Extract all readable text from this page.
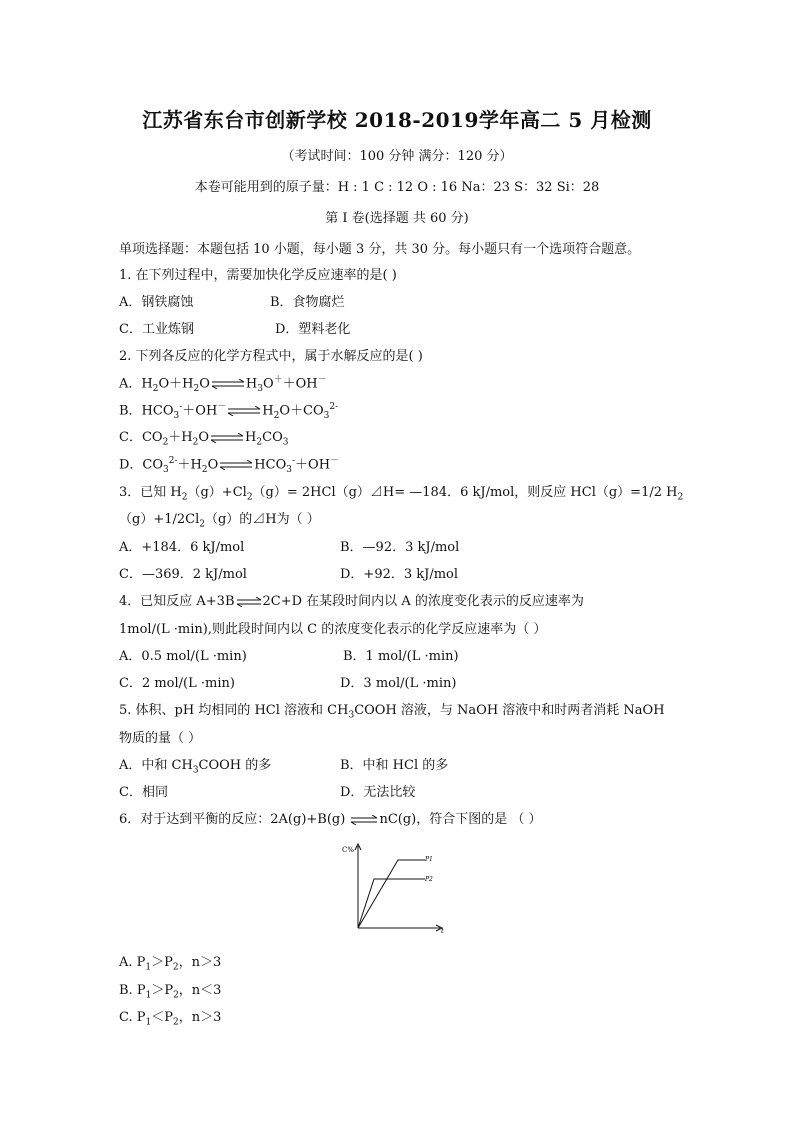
江苏省东台市创新学校 2018-2019学年高二 5 月检测
（考试时间：100 分钟 满分：120 分）
本卷可能用到的原子量：H : 1 C : 12 O : 16 Na：23 S：32 Si：28
第 I 卷(选择题 共 60 分)
单项选择题：本题包括 10 小题，每小题 3 分，共 30 分。每小题只有一个选项符合题意。
1. 在下列过程中，需要加快化学反应速率的是( )
A．钢铁腐蚀	B．食物腐烂
C．工业炼钢	D．塑料老化
2. 下列各反应的化学方程式中，属于水解反应的是( )
A．$H_2O+H_2O\rightleftharpoons H_3O^++OH^-$
B．$HCO_3^-+OH^-\rightleftharpoons H_2O+CO_3^{2-}$
C．$CO_2+H_2O\rightleftharpoons H_2CO_3$
D．$CO_3^{2-}+H_2O\rightleftharpoons HCO_3^-+OH^-$
3．已知 $H_2(g)+Cl_2(g)=$ 2HCl（g）⊿H= —184．6 kJ/mol，则反应 HCl（g）=1/2 $H_2$
$(g)+1/2Cl_2(g)$的⊿H为（ ）
A．+184．6 kJ/mol	B．—92．3 kJ/mol
C．—369．2 kJ/mol	D．+92．3 kJ/mol
4．已知反应 A+3B⇌2C+D 在某段时间内以 A 的浓度变化表示的反应速率为
1mol/(L ·min),则此段时间内以 C 的浓度变化表示的化学反应速率为（ ）
A．0.5 mol/(L ·min)	B．1 mol/(L ·min)
C．2 mol/(L ·min)	D．3 mol/(L ·min)
5. 体积、pH 均相同的 HCl 溶液和 $CH_3COOH$ 溶液，与 NaOH 溶液中和时两者消耗 NaOH
物质的量（ ）
A．中和 $CH_3COOH$ 的多	B．中和 HCl 的多
C．相同	D．无法比较
6．对于达到平衡的反应：2A(g)+B(g) ⇌nC(g)，符合下图的是 （ ）
C%
t
P1
P2
A. $P_1>P_2$，n＞3
B. $P_1>P_2$，n＜3
C. $P_1<P_2$，n＞3
